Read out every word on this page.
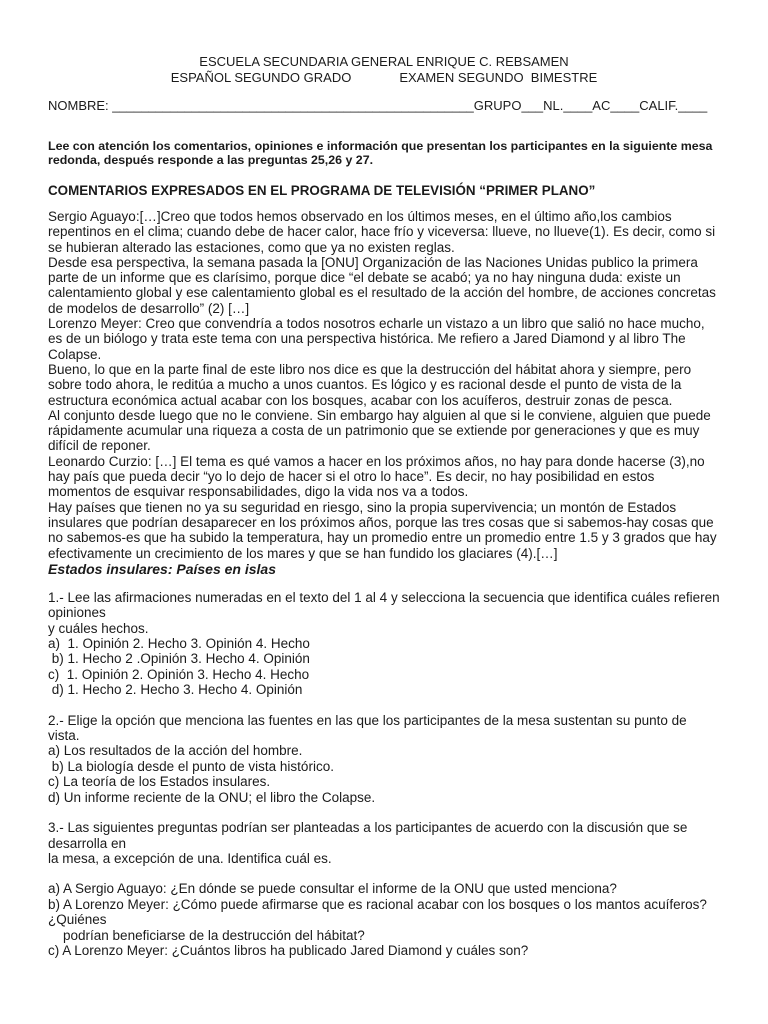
ESCUELA SECUNDARIA GENERAL ENRIQUE C. REBSAMEN
ESPAÑOL SEGUNDO GRADO	EXAMEN SEGUNDO  BIMESTRE
NOMBRE: __________________________________________________GRUPO___NL.____AC____CALIF.____
Lee con atención los comentarios, opiniones e información que presentan los participantes en la siguiente mesa redonda, después responde a las preguntas 25,26 y 27.
COMENTARIOS EXPRESADOS EN EL PROGRAMA DE TELEVISIÓN “PRIMER PLANO”

Sergio Aguayo:[…]Creo que todos hemos observado en los últimos meses, en el último año,los cambios repentinos en el clima; cuando debe de hacer calor, hace frío y viceversa: llueve, no llueve(1). Es decir, como si se hubieran alterado las estaciones, como que ya no existen reglas.

Desde esa perspectiva, la semana pasada la [ONU] Organización de las Naciones Unidas publico la primera parte de un informe que es clarísimo, porque dice “el debate se acabó; ya no hay ninguna duda: existe un calentamiento global y ese calentamiento global es el resultado de la acción del hombre, de acciones concretas de modelos de desarrollo” (2) […]

Lorenzo Meyer: Creo que convendría a todos nosotros echarle un vistazo a un libro que salió no hace mucho, es de un biólogo y trata este tema con una perspectiva histórica. Me refiero a Jared Diamond y al libro The Colapse.

Bueno, lo que en la parte final de este libro nos dice es que la destrucción del hábitat ahora y siempre, pero sobre todo ahora, le reditúa a mucho a unos cuantos. Es lógico y es racional desde el punto de vista de la estructura económica actual acabar con los bosques, acabar con los acuíferos, destruir zonas de pesca.

Al conjunto desde luego que no le conviene. Sin embargo hay alguien al que si le conviene, alguien que puede rápidamente acumular una riqueza a costa de un patrimonio que se extiende por generaciones y que es muy difícil de reponer.

Leonardo Curzio: […] El tema es qué vamos a hacer en los próximos años, no hay para donde hacerse (3),no hay país que pueda decir “yo lo dejo de hacer si el otro lo hace”. Es decir, no hay posibilidad en estos momentos de esquivar responsabilidades, digo la vida nos va a todos.

Hay países que tienen no ya su seguridad en riesgo, sino la propia supervivencia; un montón de Estados insulares que podrían desaparecer en los próximos años, porque las tres cosas que si sabemos-hay cosas que no sabemos-es que ha subido la temperatura, hay un promedio entre un promedio entre 1.5 y 3 grados que hay efectivamente un crecimiento de los mares y que se han fundido los glaciares (4).[…]

Estados insulares: Países en islas
1.- Lee las afirmaciones numeradas en el texto del 1 al 4 y selecciona la secuencia que identifica cuáles refieren opiniones
y cuáles hechos.
a)  1. Opinión 2. Hecho 3. Opinión 4. Hecho
b) 1. Hecho 2 .Opinión 3. Hecho 4. Opinión
c)  1. Opinión 2. Opinión 3. Hecho 4. Hecho
d) 1. Hecho 2. Hecho 3. Hecho 4. Opinión
2.- Elige la opción que menciona las fuentes en las que los participantes de la mesa sustentan su punto de vista.
a) Los resultados de la acción del hombre.
b) La biología desde el punto de vista histórico.
c) La teoría de los Estados insulares.
d) Un informe reciente de la ONU; el libro the Colapse.
3.- Las siguientes preguntas podrían ser planteadas a los participantes de acuerdo con la discusión que se desarrolla en
la mesa, a excepción de una. Identifica cuál es.
a) A Sergio Aguayo: ¿En dónde se puede consultar el informe de la ONU que usted menciona?
b) A Lorenzo Meyer: ¿Cómo puede afirmarse que es racional acabar con los bosques o los mantos acuíferos? ¿Quiénes
podrían beneficiarse de la destrucción del hábitat?
c) A Lorenzo Meyer: ¿Cuántos libros ha publicado Jared Diamond y cuáles son?
